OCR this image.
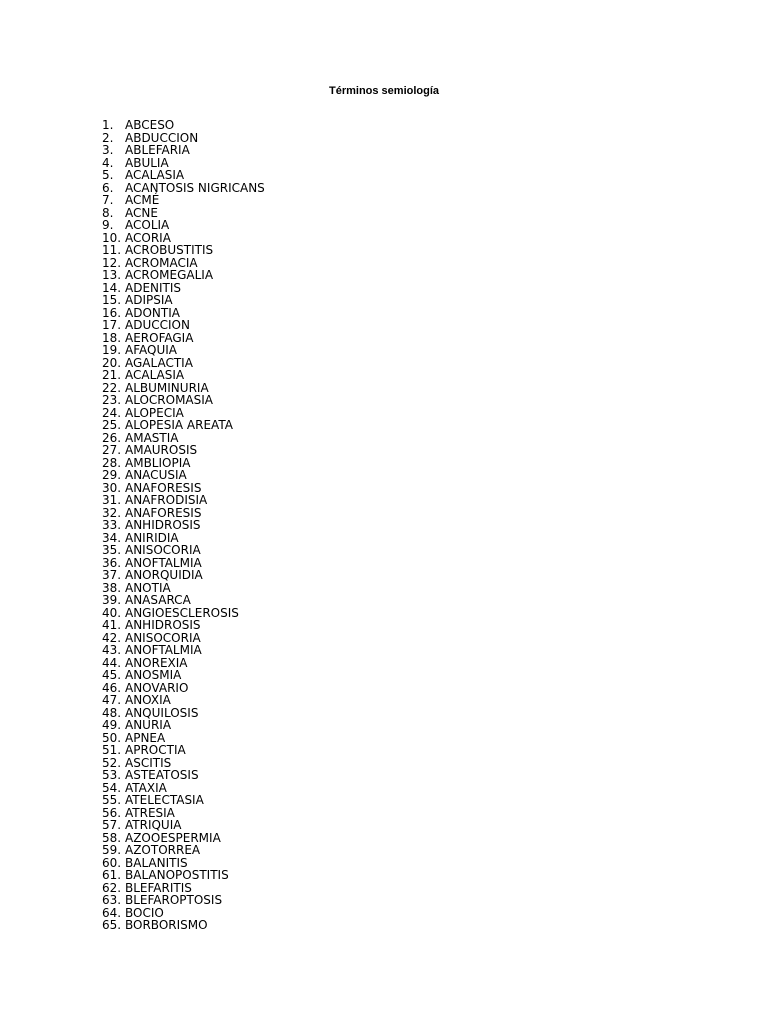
Términos semiología
1. ABCESO
2. ABDUCCION
3. ABLEFARIA
4. ABULIA
5. ACALASIA
6. ACANTOSIS NIGRICANS
7. ACMÉ
8. ACNE
9. ACOLIA
10. ACORIA
11. ACROBUSTITIS
12. ACROMACIA
13. ACROMEGALIA
14. ADENITIS
15. ADIPSIA
16. ADONTIA
17. ADUCCION
18. AEROFAGIA
19. AFAQUIA
20. AGALACTIA
21. ACALASIA
22. ALBUMINURIA
23. ALOCROMASIA
24. ALOPECIA
25. ALOPESIA AREATA
26. AMASTIA
27. AMAUROSIS
28. AMBLIOPIA
29. ANACUSIA
30. ANAFORESIS
31. ANAFRODISIA
32. ANAFORESIS
33. ANHIDROSIS
34. ANIRIDIA
35. ANISOCORIA
36. ANOFTALMIA
37. ANORQUIDIA
38. ANOTIA
39. ANASARCA
40. ANGIOESCLEROSIS
41. ANHIDROSIS
42. ANISOCORIA
43. ANOFTALMIA
44. ANOREXIA
45. ANOSMIA
46. ANOVARIO
47. ANOXIA
48. ANQUILOSIS
49. ANURIA
50. APNEA
51. APROCTIA
52. ASCITIS
53. ASTEATOSIS
54. ATAXIA
55. ATELECTASIA
56. ATRESIA
57. ATRIQUIA
58. AZOOESPERMIA
59. AZOTORREA
60. BALANITIS
61. BALANOPOSTITIS
62. BLEFARITIS
63. BLEFAROPTOSIS
64. BOCIO
65. BORBORISMO
